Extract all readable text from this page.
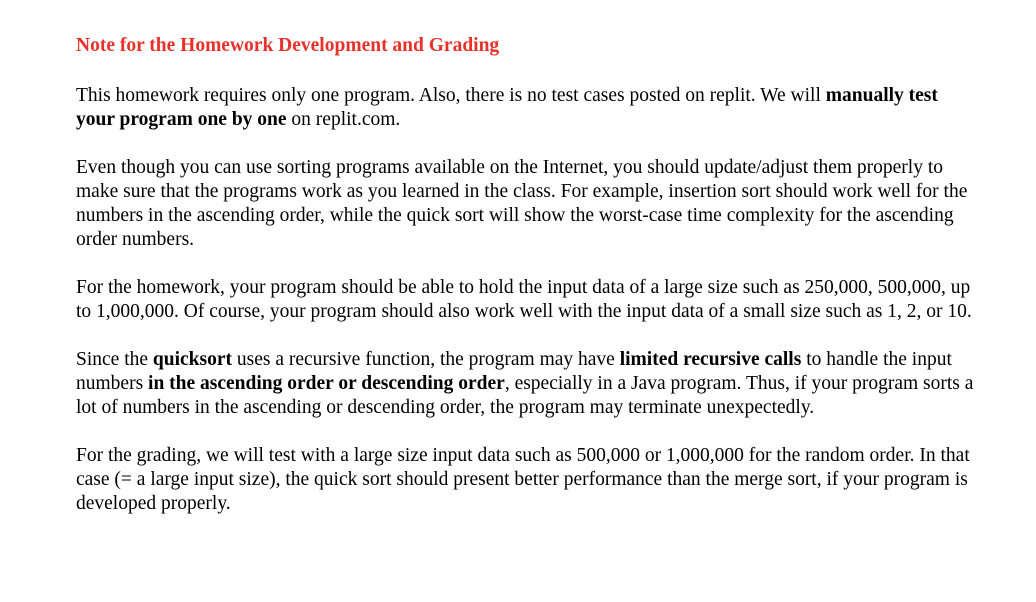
Note for the Homework Development and Grading

This homework requires only one program. Also, there is no test cases posted on replit. We will manually test your program one by one on replit.com.

Even though you can use sorting programs available on the Internet, you should update/adjust them properly to make sure that the programs work as you learned in the class. For example, insertion sort should work well for the numbers in the ascending order, while the quick sort will show the worst-case time complexity for the ascending order numbers.

For the homework, your program should be able to hold the input data of a large size such as 250,000, 500,000, up to 1,000,000. Of course, your program should also work well with the input data of a small size such as 1, 2, or 10.

Since the quicksort uses a recursive function, the program may have limited recursive calls to handle the input numbers in the ascending order or descending order, especially in a Java program. Thus, if your program sorts a lot of numbers in the ascending or descending order, the program may terminate unexpectedly.

For the grading, we will test with a large size input data such as 500,000 or 1,000,000 for the random order. In that case (= a large input size), the quick sort should present better performance than the merge sort, if your program is developed properly.
